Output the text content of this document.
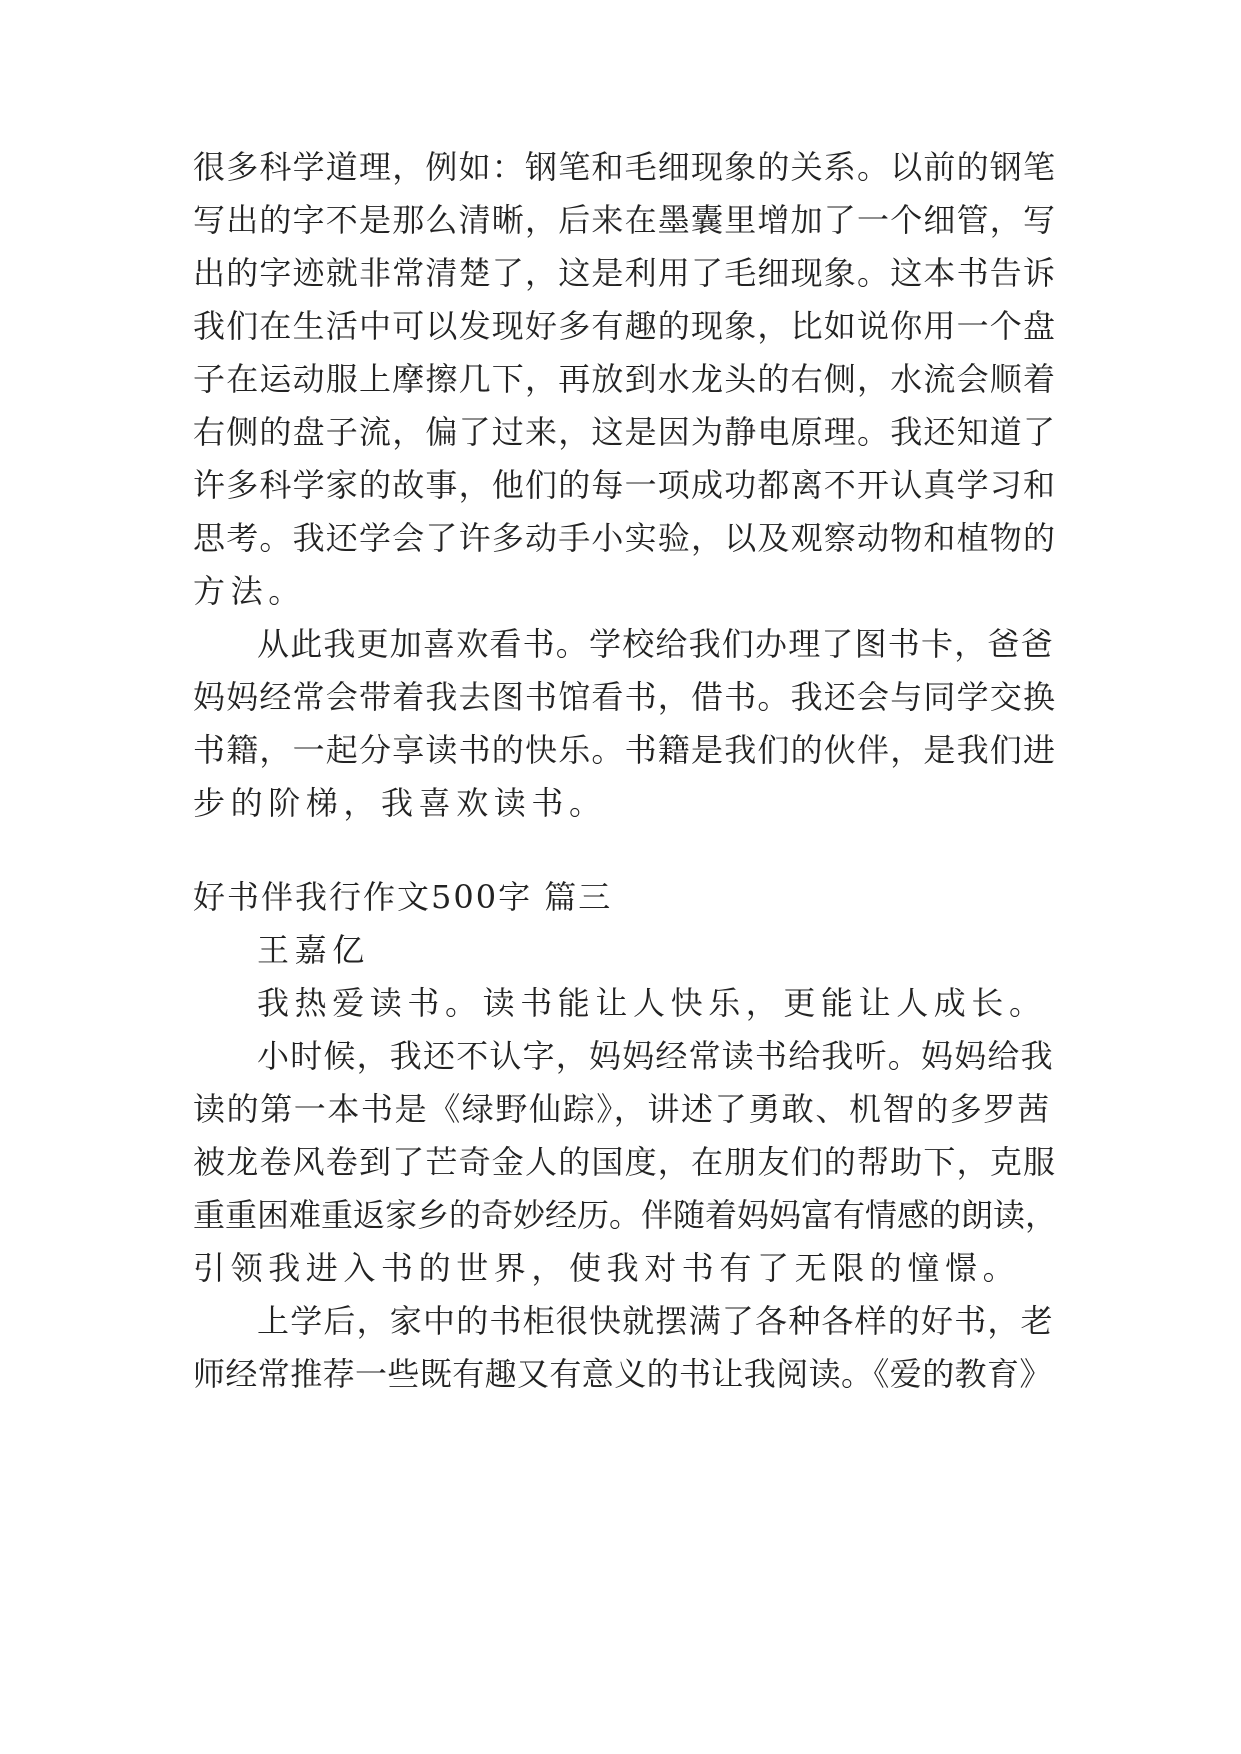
很多科学道理，例如：钢笔和毛细现象的关系。以前的钢笔
写出的字不是那么清晰，后来在墨囊里增加了一个细管，写
出的字迹就非常清楚了，这是利用了毛细现象。这本书告诉
我们在生活中可以发现好多有趣的现象，比如说你用一个盘
子在运动服上摩擦几下，再放到水龙头的右侧，水流会顺着
右侧的盘子流，偏了过来，这是因为静电原理。我还知道了
许多科学家的故事，他们的每一项成功都离不开认真学习和
思考。我还学会了许多动手小实验，以及观察动物和植物的
方法。
从此我更加喜欢看书。学校给我们办理了图书卡，爸爸
妈妈经常会带着我去图书馆看书，借书。我还会与同学交换
书籍，一起分享读书的快乐。书籍是我们的伙伴，是我们进
步的阶梯，我喜欢读书。
好书伴我行作文500字 篇三
王嘉亿
我热爱读书。读书能让人快乐，更能让人成长。
小时候，我还不认字，妈妈经常读书给我听。妈妈给我
读的第一本书是《绿野仙踪》，讲述了勇敢、机智的多罗茜
被龙卷风卷到了芒奇金人的国度，在朋友们的帮助下，克服
重重困难重返家乡的奇妙经历。伴随着妈妈富有情感的朗读，
引领我进入书的世界，使我对书有了无限的憧憬。
上学后，家中的书柜很快就摆满了各种各样的好书，老
师经常推荐一些既有趣又有意义的书让我阅读。《爱的教育》
